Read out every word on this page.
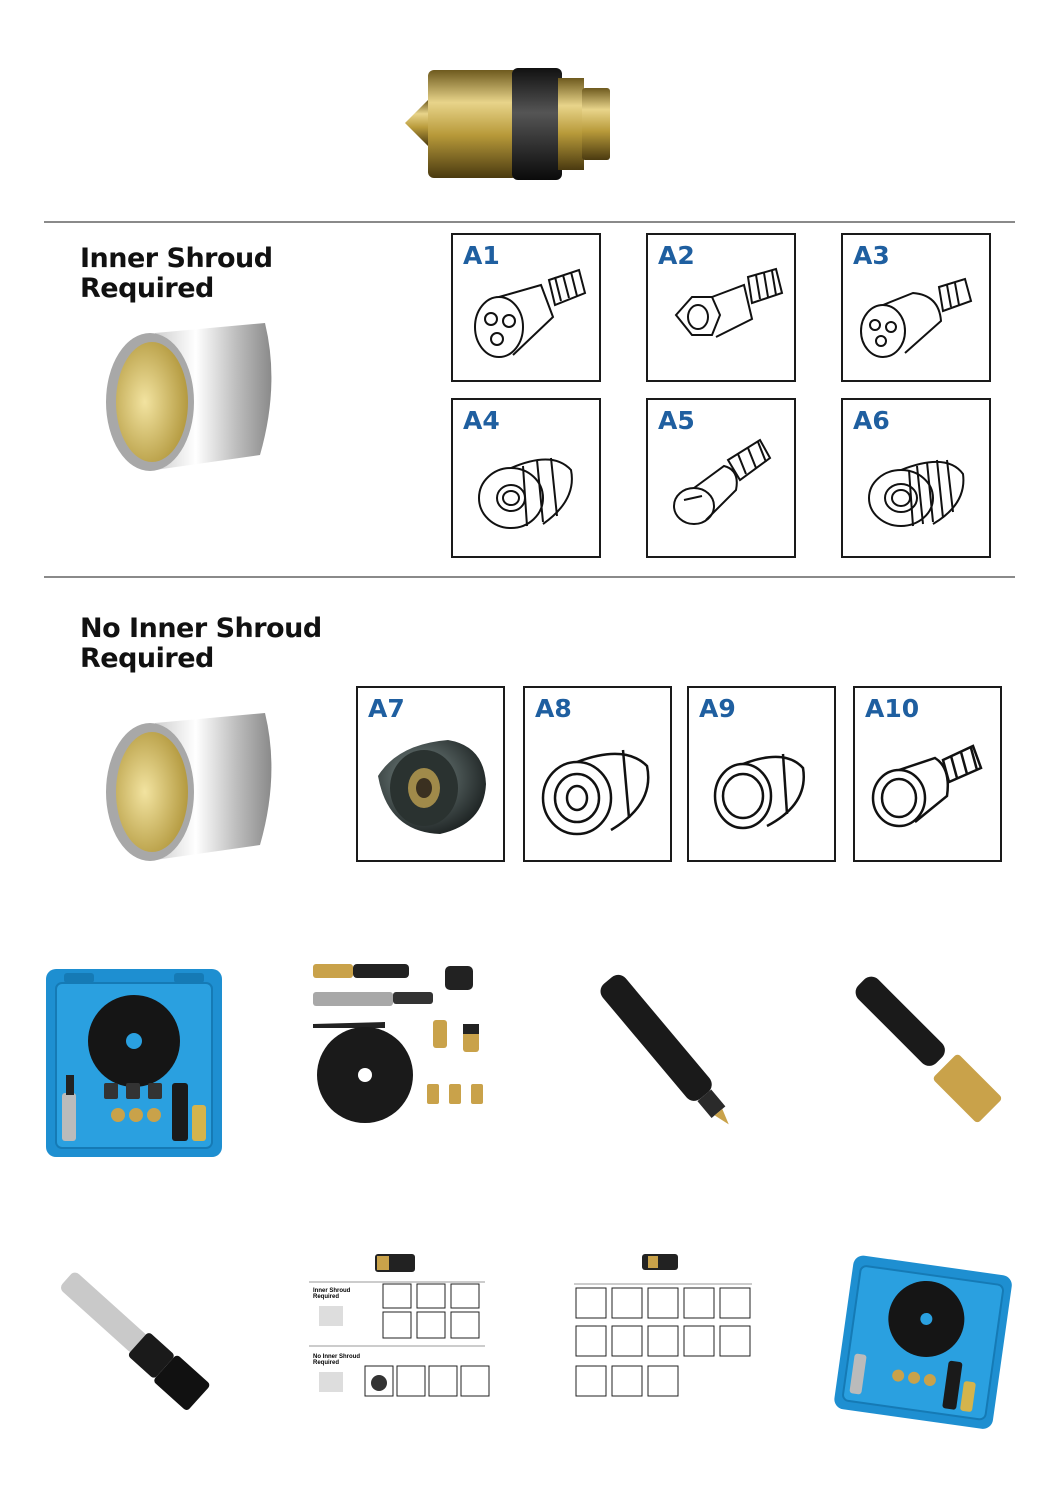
Inner Shroud
Required
A1	A2	A3
A4	A5	A6
No Inner Shroud
Required
A7	A8	A9	A10
Inner Shroud
Required
No Inner Shroud
Required
